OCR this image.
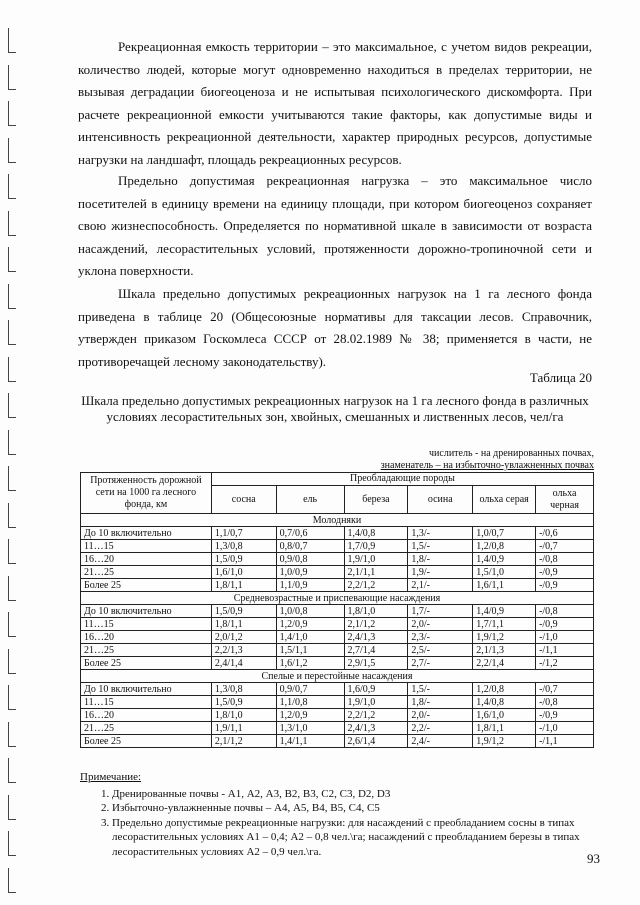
Рекреационная емкость территории – это максимальное, с учетом видов рекреации, количество людей, которые могут одновременно находиться в пределах территории, не вызывая деградации биогеоценоза и не испытывая психологического дискомфорта. При расчете рекреационной емкости учитываются такие факторы, как допустимые виды и интенсивность рекреационной деятельности, характер природных ресурсов, допустимые нагрузки на ландшафт, площадь рекреационных ресурсов.

Предельно допустимая рекреационная нагрузка – это максимальное число посетителей в единицу времени на единицу площади, при котором биогеоценоз сохраняет свою жизнеспособность. Определяется по нормативной шкале в зависимости от возраста насаждений, лесорастительных условий, протяженности дорожно-тропиночной сети и уклона поверхности.

Шкала предельно допустимых рекреационных нагрузок на 1 га лесного фонда приведена в таблице 20 (Общесоюзные нормативы для таксации лесов. Справочник, утвержден приказом Госкомлеса СССР от 28.02.1989 № 38; применяется в части, не противоречащей лесному законодательству).

Таблица 20
Шкала предельно допустимых рекреационных нагрузок на 1 га лесного фонда в различных условиях лесорастительных зон, хвойных, смешанных и лиственных лесов, чел/га
числитель - на дренированных почвах,
знаменатель – на избыточно-увлажненных почвах
Протяженность дорожной сети на 1000 га лесного фонда, км	Преобладающие породы					
	сосна	ель	береза	осина	ольха серая	ольха черная
Молодняки						
До 10 включительно	1,1/0,7	0,7/0,6	1,4/0,8	1,3/-	1,0/0,7	-/0,6
11…15	1,3/0,8	0,8/0,7	1,7/0,9	1,5/-	1,2/0,8	-/0,7
16…20	1,5/0,9	0,9/0,8	1,9/1,0	1,8/-	1,4/0,9	-/0,8
21…25	1,6/1,0	1,0/0,9	2,1/1,1	1,9/-	1,5/1,0	-/0,9
Более 25	1,8/1,1	1,1/0,9	2,2/1,2	2,1/-	1,6/1,1	-/0,9
Средневозрастные и приспевающие насаждения						
До 10 включительно	1,5/0,9	1,0/0,8	1,8/1,0	1,7/-	1,4/0,9	-/0,8
11…15	1,8/1,1	1,2/0,9	2,1/1,2	2,0/-	1,7/1,1	-/0,9
16…20	2,0/1,2	1,4/1,0	2,4/1,3	2,3/-	1,9/1,2	-/1,0
21…25	2,2/1,3	1,5/1,1	2,7/1,4	2,5/-	2,1/1,3	-/1,1
Более 25	2,4/1,4	1,6/1,2	2,9/1,5	2,7/-	2,2/1,4	-/1,2
Спелые и перестойные насаждения						
До 10 включительно	1,3/0,8	0,9/0,7	1,6/0,9	1,5/-	1,2/0,8	-/0,7
11…15	1,5/0,9	1,1/0,8	1,9/1,0	1,8/-	1,4/0,8	-/0,8
16…20	1,8/1,0	1,2/0,9	2,2/1,2	2,0/-	1,6/1,0	-/0,9
21…25	1,9/1,1	1,3/1,0	2,4/1,3	2,2/-	1,8/1,1	-/1,0
Более 25	2,1/1,2	1,4/1,1	2,6/1,4	2,4/-	1,9/1,2	-/1,1
Примечание:
1. Дренированные почвы - А1, А2, А3, В2, В3, С2, С3, D2, D3
2. Избыточно-увлажненные почвы – А4, А5, В4, В5, С4, С5
3. Предельно допустимые рекреационные нагрузки: для насаждений с преобладанием сосны в типах лесорастительных условиях А1 – 0,4; А2 – 0,8 чел.\га; насаждений с преобладанием березы в типах лесорастительных условиях А2 – 0,9 чел.\га.	93
